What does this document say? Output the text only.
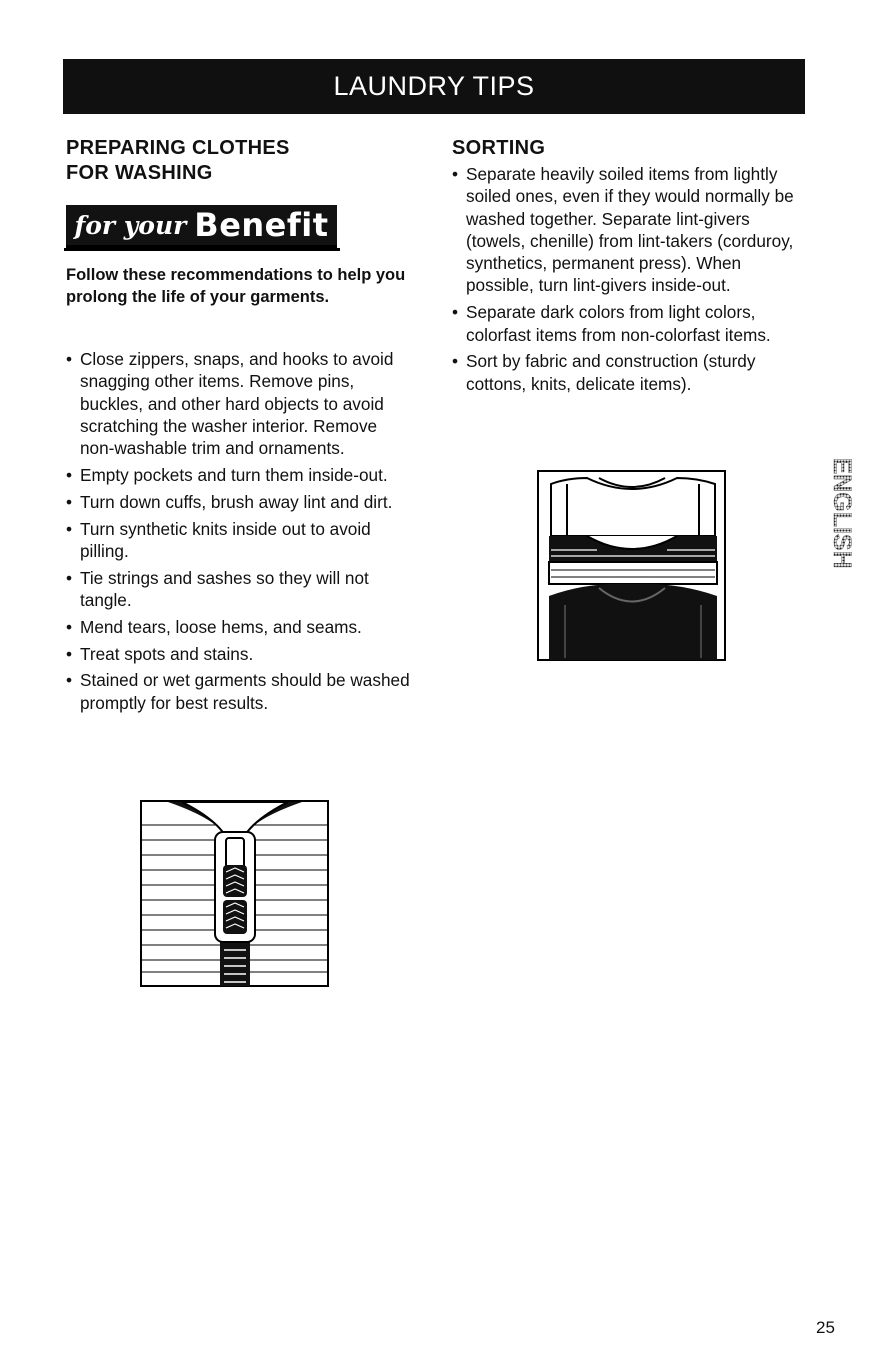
LAUNDRY TIPS
PREPARING CLOTHES
FOR WASHING
for your Benefit
Follow these recommendations to help you prolong the life of your garments.
• Close zippers, snaps, and hooks to avoid snagging other items. Remove pins, buckles, and other hard objects to avoid scratching the washer interior. Remove non-washable trim and ornaments.
• Empty pockets and turn them inside-out.
• Turn down cuffs, brush away lint and dirt.
• Turn synthetic knits inside out to avoid pilling.
• Tie strings and sashes so they will not tangle.
• Mend tears, loose hems, and seams.
• Treat spots and stains.
• Stained or wet garments should be washed promptly for best results.
SORTING
• Separate heavily soiled items from lightly soiled ones, even if they would normally be washed together. Separate lint-givers (towels, chenille) from lint-takers (corduroy, synthetics, permanent press). When possible, turn lint-givers inside-out.
• Separate dark colors from light colors, colorfast items from non-colorfast items.
• Sort by fabric and construction (sturdy cottons, knits, delicate items).
ENGLISH
25
